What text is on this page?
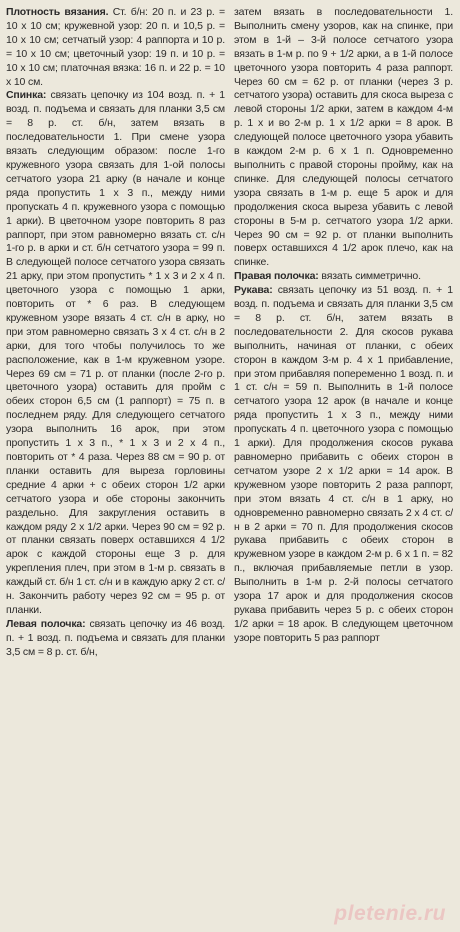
Плотность вязания. Ст. б/н: 20 п. и 23 р. = 10 х 10 см; кружевной узор: 20 п. и 10,5 р. = 10 х 10 см; сетчатый узор: 4 раппорта и 10 р. = 10 х 10 см; цветочный узор: 19 п. и 10 р. = 10 х 10 см; платочная вязка: 16 п. и 22 р. = 10 х 10 см.

Спинка: связать цепочку из 104 возд. п. + 1 возд. п. подъема и связать для планки 3,5 см = 8 р. ст. б/н, затем вязать в последовательности 1. При смене узора вязать следующим образом: после 1-го кружевного узора связать для 1-ой полосы сетчатого узора 21 арку (в начале и конце ряда пропустить 1 х 3 п., между ними пропускать 4 п. кружевного узора с помощью 1 арки). В цветочном узоре повторить 8 раз раппорт, при этом равномерно вязать ст. с/н 1-го р. в арки и ст. б/н сетчатого узора = 99 п. В следующей полосе сетчатого узора связать 21 арку, при этом пропустить * 1 х 3 и 2 х 4 п. цветочного узора с помощью 1 арки, повторить от * 6 раз. В следующем кружевном узоре вязать 4 ст. с/н в арку, но при этом равномерно связать 3 х 4 ст. с/н в 2 арки, для того чтобы получилось то же расположение, как в 1-м кружевном узоре. Через 69 см = 71 р. от планки (после 2-го р. цветочного узора) оставить для пройм с обеих сторон 6,5 см (1 раппорт) = 75 п. в последнем ряду. Для следующего сетчатого узора выполнить 16 арок, при этом пропустить 1 х 3 п., * 1 х 3 и 2 х 4 п., повторить от * 4 раза. Через 88 см = 90 р. от планки оставить для выреза горловины средние 4 арки + с обеих сторон 1/2 арки сетчатого узора и обе стороны закончить раздельно. Для закругления оставить в каждом ряду 2 х 1/2 арки. Через 90 см = 92 р. от планки связать поверх оставшихся 4 1/2 арок с каждой стороны еще 3 р. для укрепления плеч, при этом в 1-м р. связать в каждый ст. б/н 1 ст. с/н и в каждую арку 2 ст. с/н. Закончить работу через 92 см = 95 р. от планки.

Левая полочка: связать цепочку из 46 возд. п. + 1 возд. п. подъема и связать для планки 3,5 см = 8 р. ст. б/н,

затем вязать в последовательности 1. Выполнить смену узоров, как на спинке, при этом в 1-й – 3-й полосе сетчатого узора вязать в 1-м р. по 9 + 1/2 арки, а в 1-й полосе цветочного узора повторить 4 раза раппорт. Через 60 см = 62 р. от планки (через 3 р. сетчатого узора) оставить для скоса выреза с левой стороны 1/2 арки, затем в каждом 4-м р. 1 х и во 2-м р. 1 х 1/2 арки = 8 арок. В следующей полосе цветочного узора убавить в каждом 2-м р. 6 х 1 п. Одновременно выполнить с правой стороны пройму, как на спинке. Для следующей полосы сетчатого узора связать в 1-м р. еще 5 арок и для продолжения скоса выреза убавить с левой стороны в 5-м р. сетчатого узора 1/2 арки. Через 90 см = 92 р. от планки выполнить поверх оставшихся 4 1/2 арок плечо, как на спинке.

Правая полочка: вязать симметрично.

Рукава: связать цепочку из 51 возд. п. + 1 возд. п. подъема и связать для планки 3,5 см = 8 р. ст. б/н, затем вязать в последовательности 2. Для скосов рукава выполнить, начиная от планки, с обеих сторон в каждом 3-м р. 4 х 1 прибавление, при этом прибавляя попеременно 1 возд. п. и 1 ст. с/н = 59 п. Выполнить в 1-й полосе сетчатого узора 12 арок (в начале и конце ряда пропустить 1 х 3 п., между ними пропускать 4 п. цветочного узора с помощью 1 арки). Для продолжения скосов рукава равномерно прибавить с обеих сторон в сетчатом узоре 2 х 1/2 арки = 14 арок. В кружевном узоре повторить 2 раза раппорт, при этом вязать 4 ст. с/н в 1 арку, но одновременно равномерно связать 2 х 4 ст. с/н в 2 арки = 70 п. Для продолжения скосов рукава прибавить с обеих сторон в кружевном узоре в каждом 2-м р. 6 х 1 п. = 82 п., включая прибавляемые петли в узор. Выполнить в 1-м р. 2-й полосы сетчатого узора 17 арок и для продолжения скосов рукава прибавить через 5 р. с обеих сторон 1/2 арки = 18 арок. В следующем цветочном узоре повторить 5 раз раппорт

pletenie.ru
